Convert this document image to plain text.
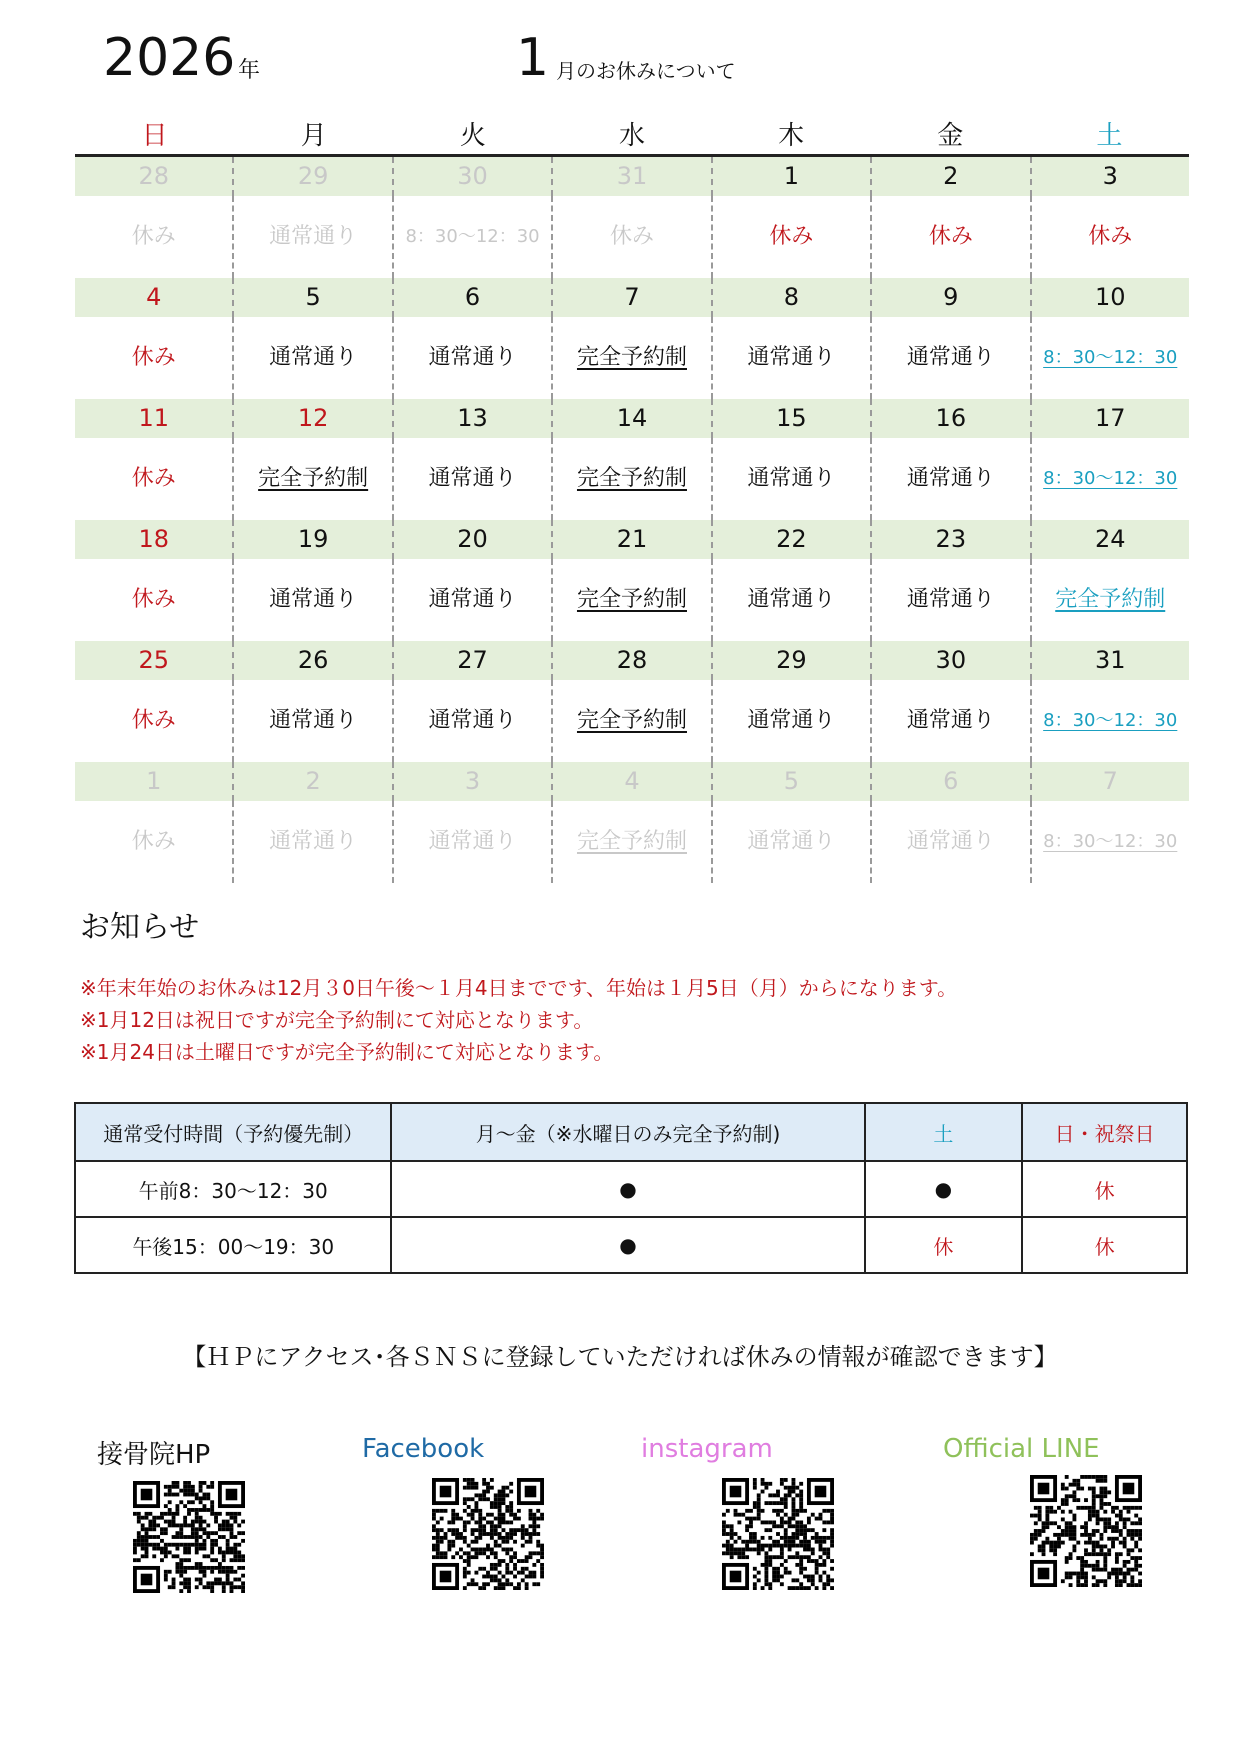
2026 年	1 月のお休みについて
日	月	火	水	木	金	土
28	29	30	31	1	2	3
休み	通常通り	8：30～12：30	休み	休み	休み	休み
4	5	6	7	8	9	10
休み	通常通り	通常通り	完全予約制	通常通り	通常通り	8：30～12：30
11	12	13	14	15	16	17
休み	完全予約制	通常通り	完全予約制	通常通り	通常通り	8：30～12：30
18	19	20	21	22	23	24
休み	通常通り	通常通り	完全予約制	通常通り	通常通り	完全予約制
25	26	27	28	29	30	31
休み	通常通り	通常通り	完全予約制	通常通り	通常通り	8：30～12：30
1	2	3	4	5	6	7
休み	通常通り	通常通り	完全予約制	通常通り	通常通り	8：30～12：30
お知らせ
※年末年始のお休みは12月３0日午後～１月4日までです、年始は１月5日（月）からになります。
※1月12日は祝日ですが完全予約制にて対応となります。
※1月24日は土曜日ですが完全予約制にて対応となります。
通常受付時間（予約優先制）	月～金（※水曜日のみ完全予約制)	土	日・祝祭日
午前8：30～12：30	●	●	休
午後15：00～19：30	●	休	休
【ＨＰにアクセス･各ＳＮＳに登録していただければ休みの情報が確認できます】
接骨院HP	Facebook	instagram	Official LINE
